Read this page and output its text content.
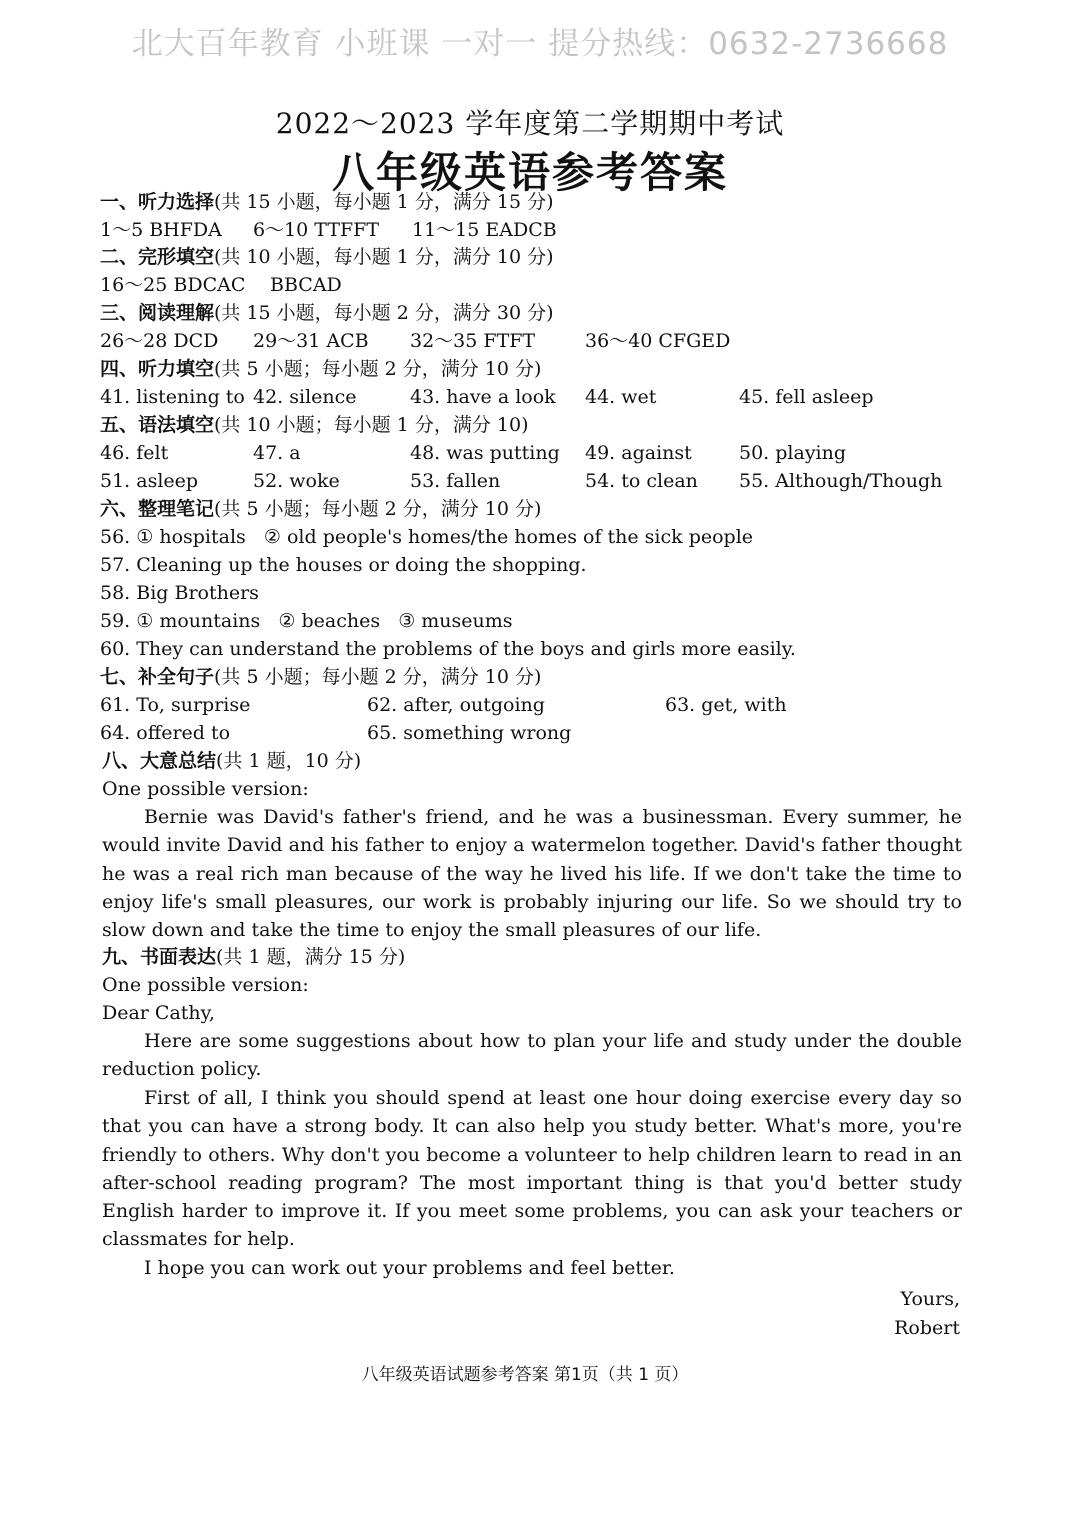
北大百年教育 小班课 一对一 提分热线：0632-2736668
2022～2023 学年度第二学期期中考试
八年级英语参考答案
一、听力选择(共 15 小题，每小题 1 分，满分 15 分)
1～5 BHFDA 6～10 TTFFT 11～15 EADCB
二、完形填空(共 10 小题，每小题 1 分，满分 10 分)
16～25 BDCAC BBCAD
三、阅读理解(共 15 小题，每小题 2 分，满分 30 分)
26～28 DCD 29～31 ACB 32～35 FTFT	36～40 CFGED
四、听力填空(共 5 小题；每小题 2 分，满分 10 分)
41. listening to 42. silence	43. have a look 44. wet	45. fell asleep
五、语法填空(共 10 小题；每小题 1 分，满分 10)
46. felt	47. a	48. was putting 49. against 50. playing
51. asleep	52. woke	53. fallen	54. to clean 55. Although/Though
六、整理笔记(共 5 小题；每小题 2 分，满分 10 分)
56. ① hospitals   ② old people's homes/the homes of the sick people
57. Cleaning up the houses or doing the shopping.
58. Big Brothers
59. ① mountains   ② beaches   ③ museums
60. They can understand the problems of the boys and girls more easily.
七、补全句子(共 5 小题；每小题 2 分，满分 10 分)
61. To, surprise	62. after, outgoing	63. get, with
64. offered to	65. something wrong
八、大意总结(共 1 题，10 分)
One possible version:
Bernie was David's father's friend, and he was a businessman. Every summer, he would invite David and his father to enjoy a watermelon together. David's father thought he was a real rich man because of the way he lived his life. If we don't take the time to enjoy life's small pleasures, our work is probably injuring our life. So we should try to slow down and take the time to enjoy the small pleasures of our life.
九、书面表达(共 1 题，满分 15 分)
One possible version:
Dear Cathy,
Here are some suggestions about how to plan your life and study under the double reduction policy.
First of all, I think you should spend at least one hour doing exercise every day so that you can have a strong body. It can also help you study better. What's more, you're friendly to others. Why don't you become a volunteer to help children learn to read in an after-school reading program? The most important thing is that you'd better study English harder to improve it. If you meet some problems, you can ask your teachers or classmates for help.
I hope you can work out your problems and feel better.
Yours,
Robert
八年级英语试题参考答案 第1页（共 1 页）
